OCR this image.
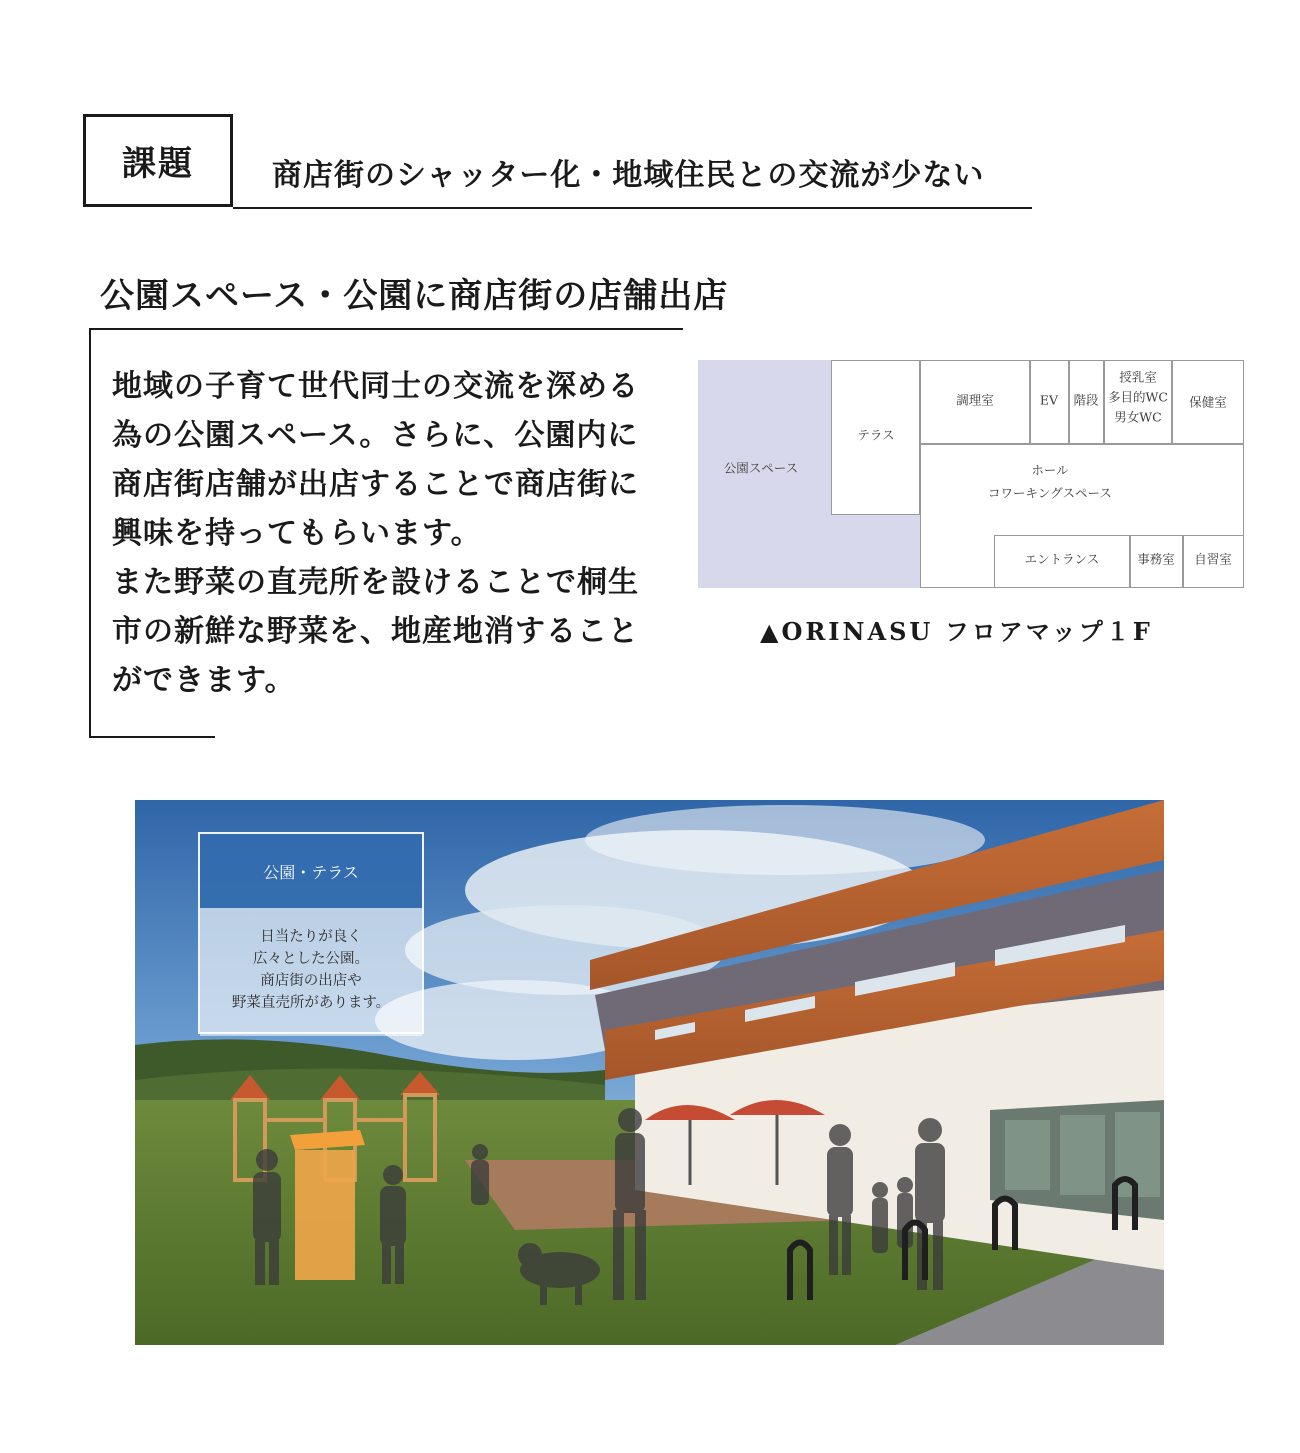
課題	商店街のシャッター化・地域住民との交流が少ない
公園スペース・公園に商店街の店舗出店

地域の子育て世代同士の交流を深める

為の公園スペース。さらに、公園内に

商店街店舗が出店することで商店街に

興味を持ってもらいます。

また野菜の直売所を設けることで桐生

市の新鮮な野菜を、地産地消すること

ができます。

公園スペース
テラス
調理室	EV 階段
授乳室
多目的WC
男女WC
保健室
ホール
コワーキングスペース
エントランス	事務室 自習室
▲ORINASU フロアマップ１F
公園・テラス

日当たりが良く

広々とした公園。

商店街の出店や

野菜直売所があります。
